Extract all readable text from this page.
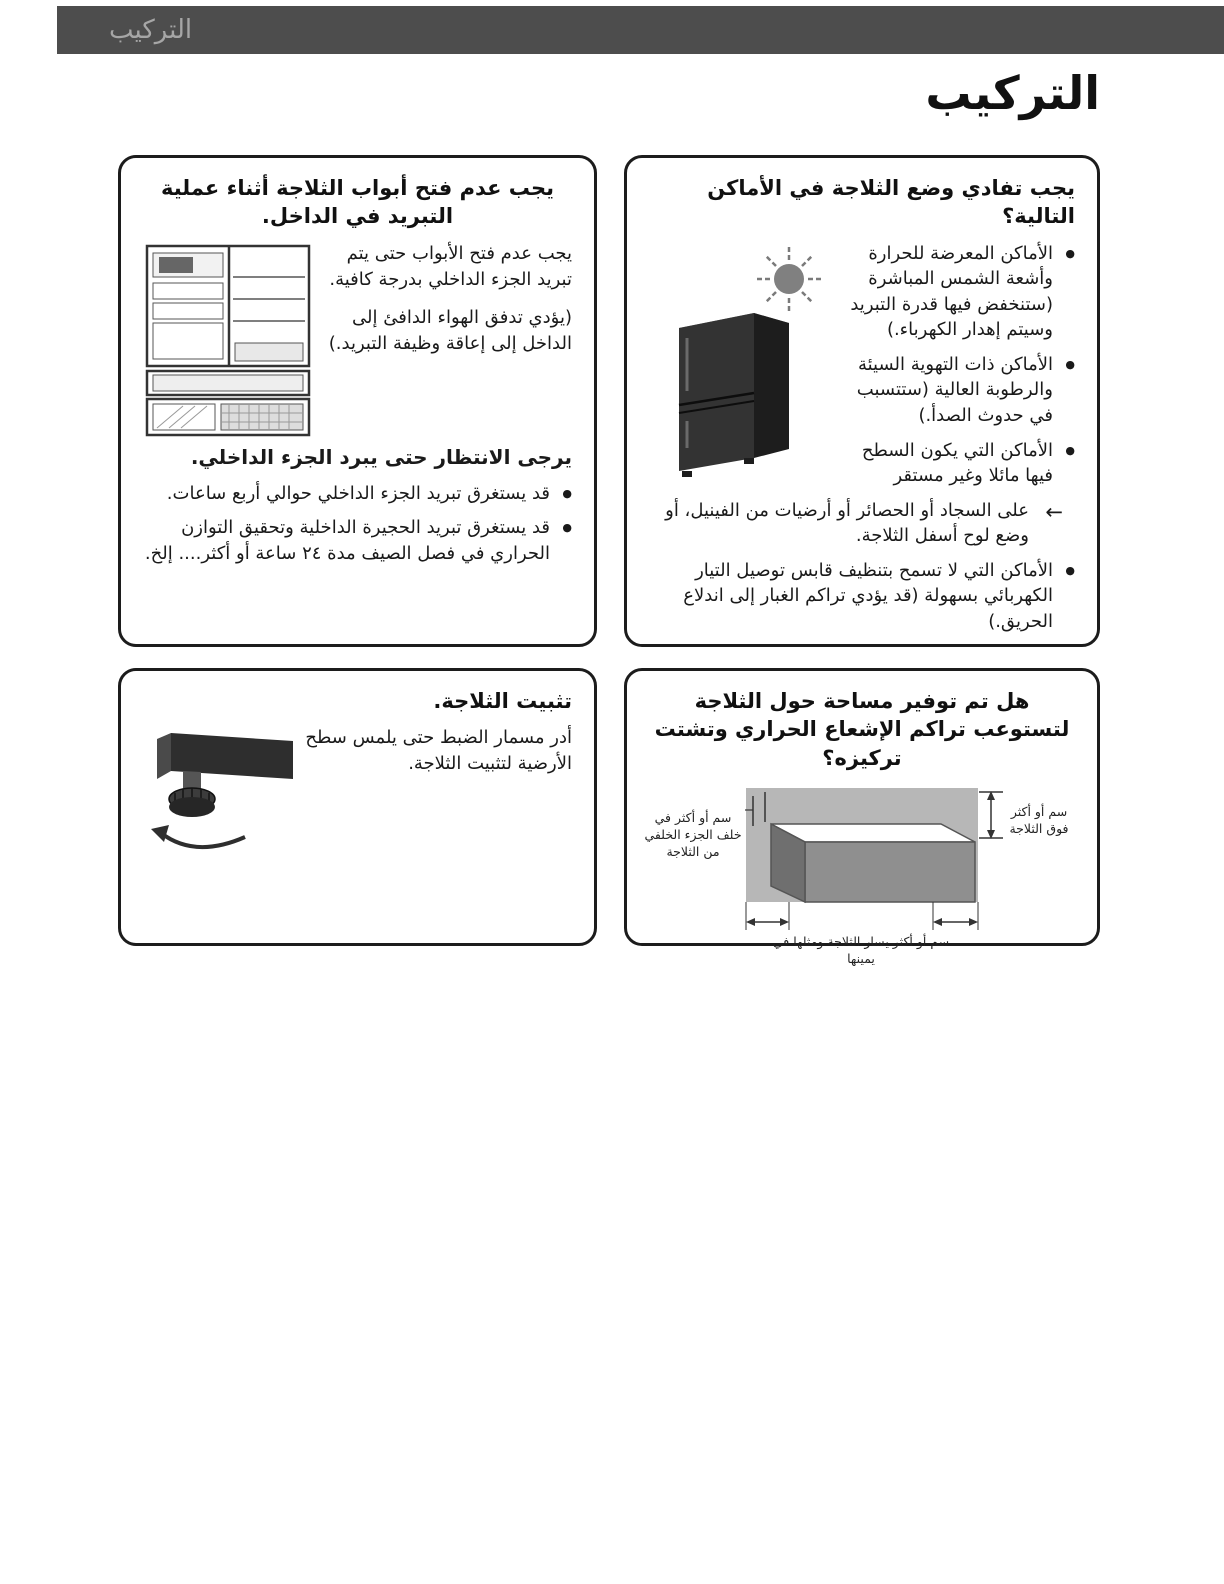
التركيب
التركيب
يجب تفادي وضع الثلاجة في الأماكن التالية؟
● الأماكن المعرضة للحرارة وأشعة الشمس المباشرة (ستنخفض فيها قدرة التبريد وسيتم إهدار الكهرباء.)
● الأماكن ذات التهوية السيئة والرطوبة العالية (ستتسبب في حدوث الصدأ.)
● الأماكن التي يكون السطح فيها مائلا وغير مستقر
← على السجاد أو الحصائر أو أرضيات من الفينيل، أو وضع لوح أسفل الثلاجة.
● الأماكن التي لا تسمح بتنظيف قابس توصيل التيار الكهربائي بسهولة (قد يؤدي تراكم الغبار إلى اندلاع الحريق.)
يجب عدم فتح أبواب الثلاجة أثناء عملية التبريد في الداخل.

يجب عدم فتح الأبواب حتى يتم تبريد الجزء الداخلي بدرجة كافية.

(يؤدي تدفق الهواء الدافئ إلى الداخل إلى إعاقة وظيفة التبريد.)

يرجى الانتظار حتى يبرد الجزء الداخلي.
● قد يستغرق تبريد الجزء الداخلي حوالي أربع ساعات.
● قد يستغرق تبريد الحجيرة الداخلية وتحقيق التوازن الحراري في فصل الصيف مدة ٢٤ ساعة أو أكثر.... إلخ.
هل تم توفير مساحة حول الثلاجة لتستوعب تراكم الإشعاع الحراري وتشتت تركيزه؟
سم أو أكثر في خلف الجزء الخلفي من الثلاجة
سم أو أكثر فوق الثلاجة
سم أو أكثر يسار الثلاجة ومثلها في يمينها
تثبيت الثلاجة.

أدر مسمار الضبط حتى يلمس سطح الأرضية لتثبيت الثلاجة.
